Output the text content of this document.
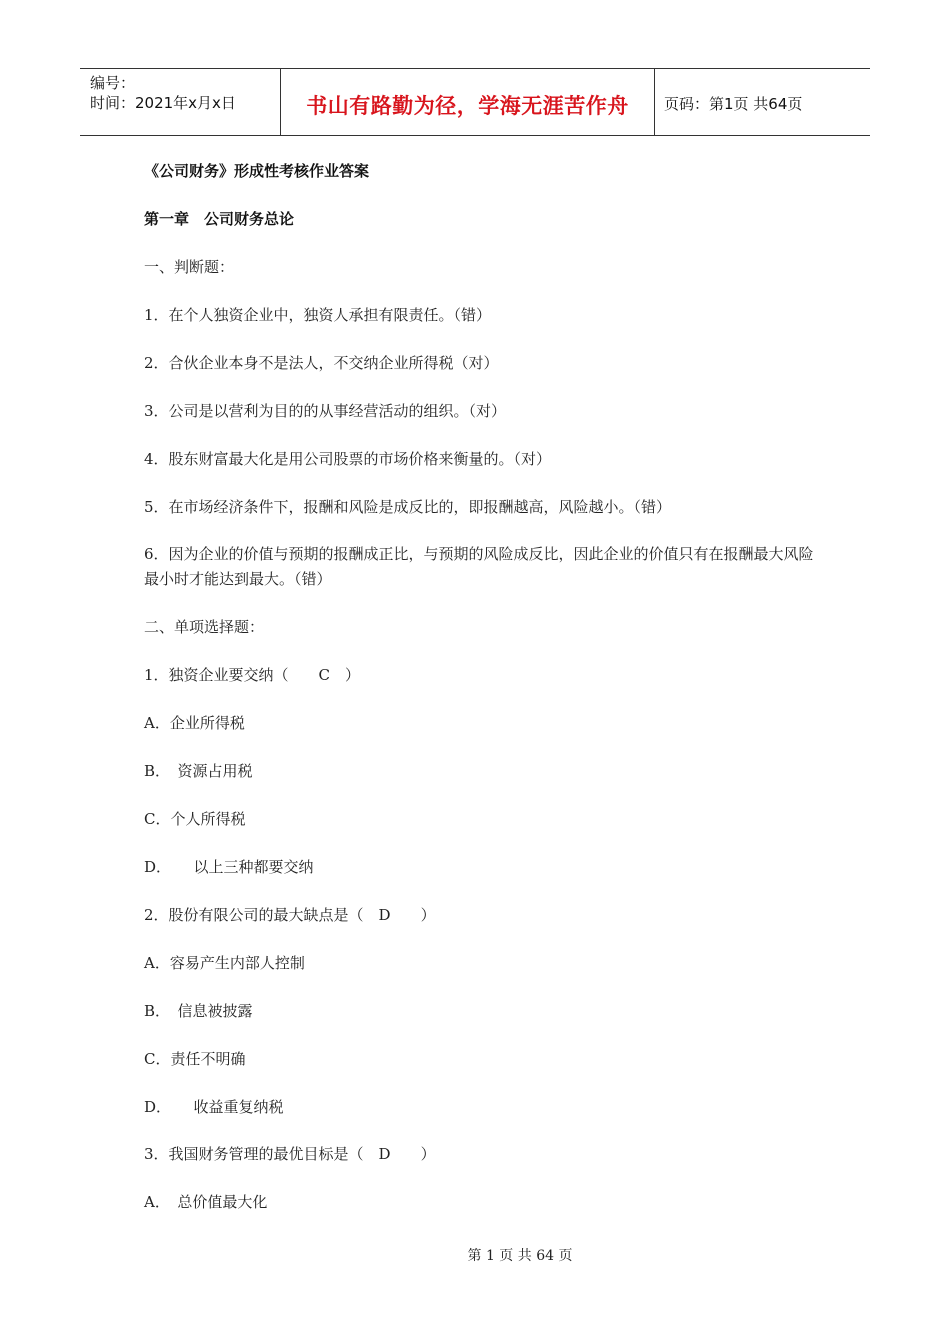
编号：
时间：2021年x月x日	书山有路勤为径，学海无涯苦作舟	页码：第1页 共64页
《公司财务》形成性考核作业答案
第一章　公司财务总论
一、判断题：
1．在个人独资企业中，独资人承担有限责任。（错）
2．合伙企业本身不是法人，不交纳企业所得税（对）
3．公司是以营利为目的的从事经营活动的组织。（对）
4．股东财富最大化是用公司股票的市场价格来衡量的。（对）
5．在市场经济条件下，报酬和风险是成反比的，即报酬越高，风险越小。（错）
6．因为企业的价值与预期的报酬成正比，与预期的风险成反比，因此企业的价值只有在报酬最大风险最小时才能达到最大。（错）
二、单项选择题：
1．独资企业要交纳（　　C　）
A．企业所得税
B．　资源占用税
C．个人所得税
D．　　以上三种都要交纳
2．股份有限公司的最大缺点是（　D　　）
A．容易产生内部人控制
B．　信息被披露
C．责任不明确
D．　　收益重复纳税
3．我国财务管理的最优目标是（　D　　）
A．　总价值最大化
第 1 页 共 64 页
